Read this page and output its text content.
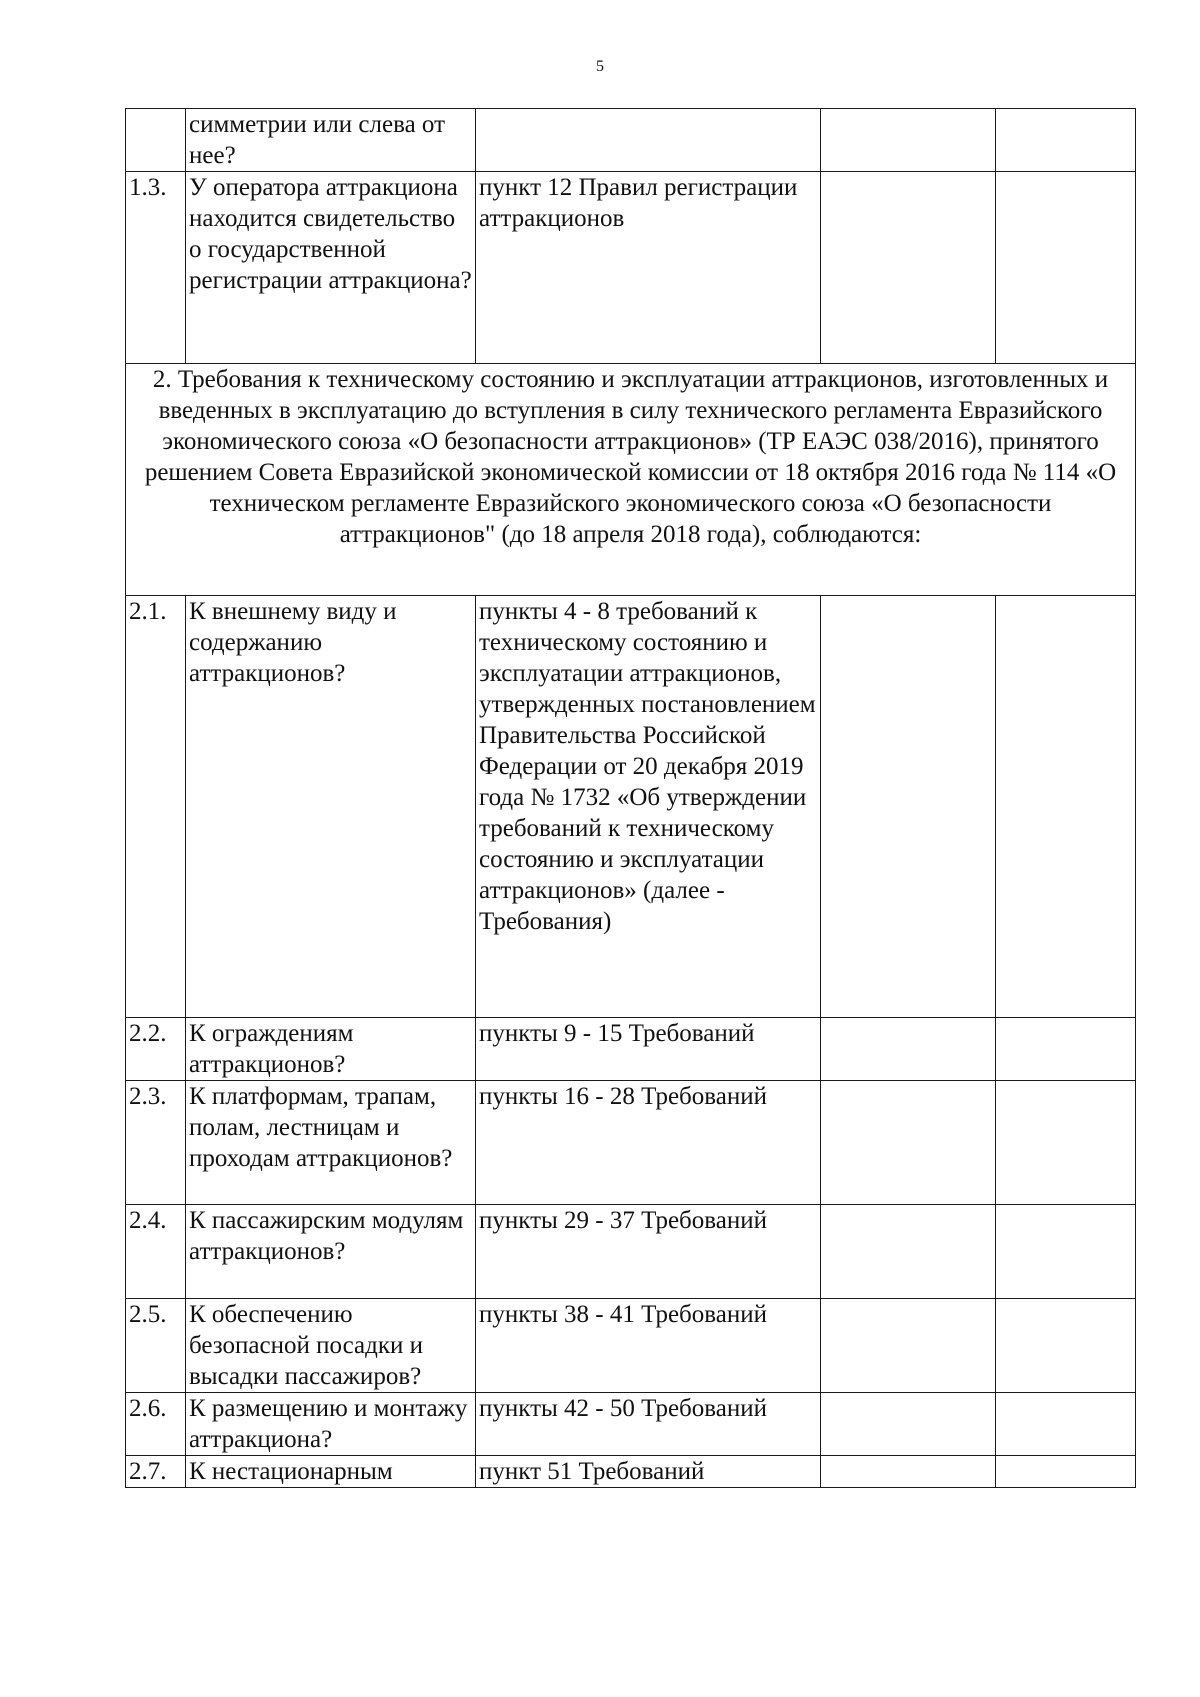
5
	симметрии или слева от нее?			
1.3.	У оператора аттракциона находится свидетельство о государственной регистрации аттракциона?	пункт 12 Правил регистрации аттракционов		
2. Требования к техническому состоянию и эксплуатации аттракционов, изготовленных и введенных в эксплуатацию до вступления в силу технического регламента Евразийского экономического союза «О безопасности аттракционов» (ТР ЕАЭС 038/2016), принятого решением Совета Евразийской экономической комиссии от 18 октября 2016 года № 114 «О техническом регламенте Евразийского экономического союза «О безопасности аттракционов" (до 18 апреля 2018 года), соблюдаются:				
2.1.	К внешнему виду и содержанию аттракционов?	пункты 4 - 8 требований к техническому состоянию и эксплуатации аттракционов, утвержденных постановлением Правительства Российской Федерации от 20 декабря 2019 года № 1732 «Об утверждении требований к техническому состоянию и эксплуатации аттракционов» (далее - Требования)		
2.2.	К ограждениям аттракционов?	пункты 9 - 15 Требований		
2.3.	К платформам, трапам, полам, лестницам и проходам аттракционов?	пункты 16 - 28 Требований		
2.4.	К пассажирским модулям аттракционов?	пункты 29 - 37 Требований		
2.5.	К обеспечению безопасной посадки и высадки пассажиров?	пункты 38 - 41 Требований		
2.6.	К размещению и монтажу аттракциона?	пункты 42 - 50 Требований		
2.7.	К нестационарным	пункт 51 Требований		
